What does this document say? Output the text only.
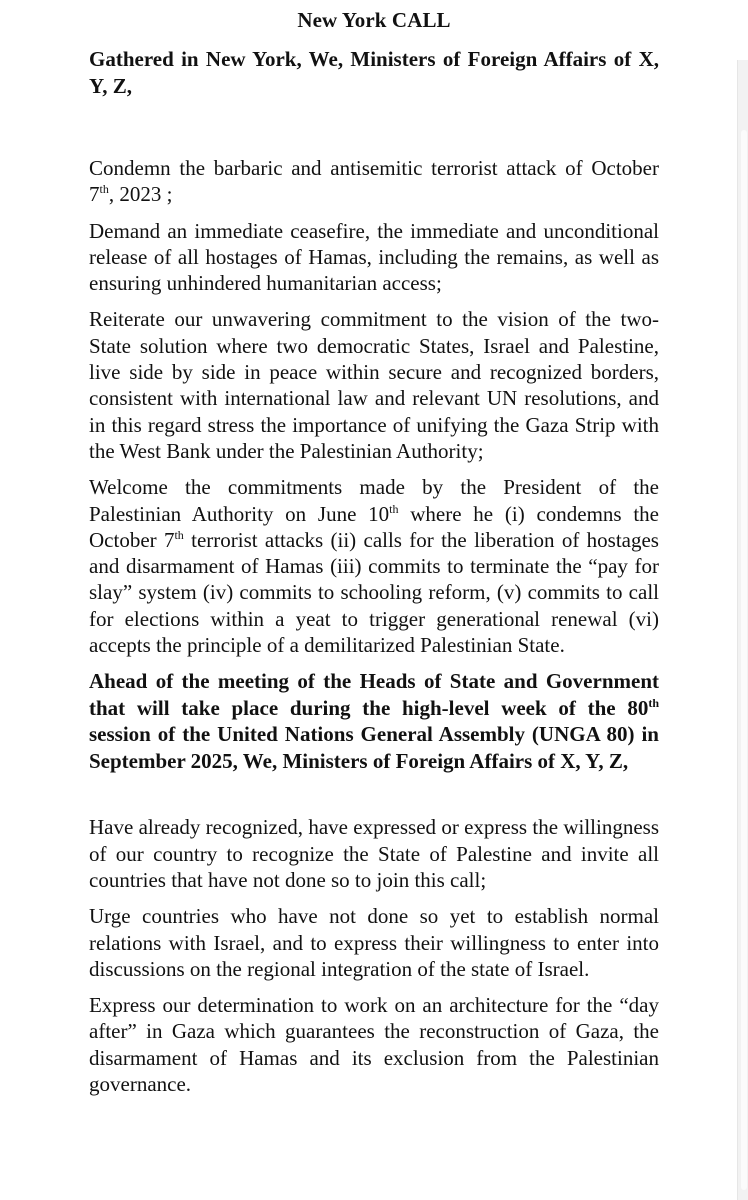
New York CALL

Gathered in New York, We, Ministers of Foreign Affairs of X, Y, Z,

Condemn the barbaric and antisemitic terrorist attack of October 7th, 2023 ;

Demand an immediate ceasefire, the immediate and unconditional release of all hostages of Hamas, including the remains, as well as ensuring unhindered humanitarian access;

Reiterate our unwavering commitment to the vision of the two-State solution where two democratic States, Israel and Palestine, live side by side in peace within secure and recognized borders, consistent with international law and relevant UN resolutions, and in this regard stress the importance of unifying the Gaza Strip with the West Bank under the Palestinian Authority;

Welcome the commitments made by the President of the Palestinian Authority on June 10th where he (i) condemns the October 7th terrorist attacks (ii) calls for the liberation of hostages and disarmament of Hamas (iii) commits to terminate the “pay for slay” system (iv) commits to schooling reform, (v) commits to call for elections within a yeat to trigger generational renewal (vi) accepts the principle of a demilitarized Palestinian State.

Ahead of the meeting of the Heads of State and Government that will take place during the high-level week of the 80th session of the United Nations General Assembly (UNGA 80) in September 2025, We, Ministers of Foreign Affairs of X, Y, Z,

Have already recognized, have expressed or express the willingness of our country to recognize the State of Palestine and invite all countries that have not done so to join this call;

Urge countries who have not done so yet to establish normal relations with Israel, and to express their willingness to enter into discussions on the regional integration of the state of Israel.

Express our determination to work on an architecture for the “day after” in Gaza which guarantees the reconstruction of Gaza, the disarmament of Hamas and its exclusion from the Palestinian governance.
